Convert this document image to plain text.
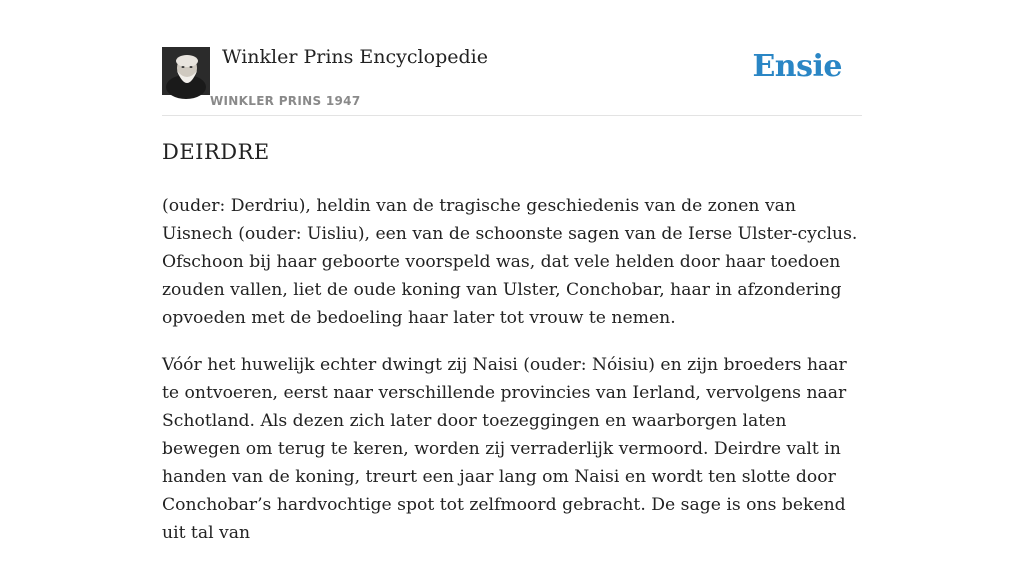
Winkler Prins Encyclopedie
WINKLER PRINS 1947
Ensie
DEIRDRE

(ouder: Derdriu), heldin van de tragische geschiedenis van de zonen van Uisnech (ouder: Uisliu), een van de schoonste sagen van de Ierse Ulster-cyclus. Ofschoon bij haar geboorte voorspeld was, dat vele helden door haar toedoen zouden vallen, liet de oude koning van Ulster, Conchobar, haar in afzondering opvoeden met de bedoeling haar later tot vrouw te nemen.

Vóór het huwelijk echter dwingt zij Naisi (ouder: Nóisiu) en zijn broeders haar te ontvoeren, eerst naar verschillende provincies van Ierland, vervolgens naar Schotland. Als dezen zich later door toezeggingen en waarborgen laten bewegen om terug te keren, worden zij verraderlijk vermoord. Deirdre valt in handen van de koning, treurt een jaar lang om Naisi en wordt ten slotte door Conchobar’s hardvochtige spot tot zelfmoord gebracht. De sage is ons bekend uit tal van
